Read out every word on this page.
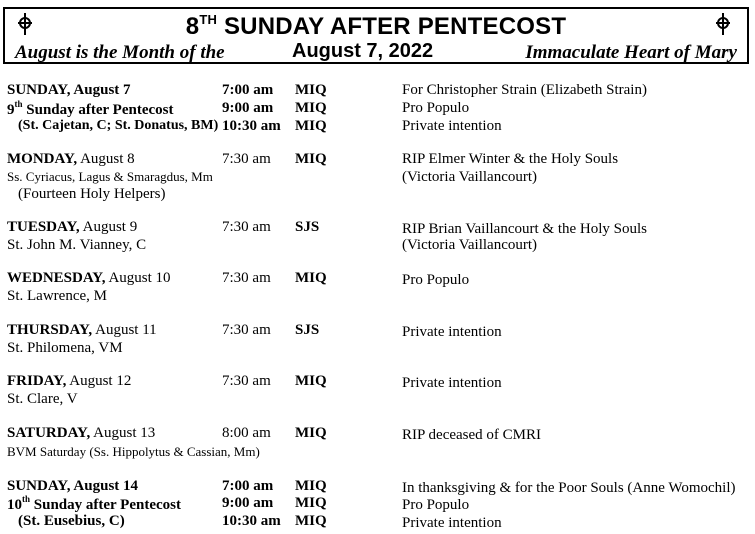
8TH SUNDAY AFTER PENTECOST
August is the Month of the	August 7, 2022	Immaculate Heart of Mary
SUNDAY, August 7	7:00 am MIQ	For Christopher Strain (Elizabeth Strain)
9th Sunday after Pentecost	9:00 am MIQ	Pro Populo
(St. Cajetan, C; St. Donatus, BM) 10:30 am MIQ	Private intention
MONDAY, August 8	7:30 am MIQ	RIP Elmer Winter & the Holy Souls
Ss. Cyriacus, Lagus & Smaragdus, Mm	(Victoria Vaillancourt)
(Fourteen Holy Helpers)
TUESDAY, August 9	7:30 am SJS	RIP Brian Vaillancourt & the Holy Souls
St. John M. Vianney, C	(Victoria Vaillancourt)
WEDNESDAY, August 10	7:30 am MIQ	Pro Populo
St. Lawrence, M
THURSDAY, August 11	7:30 am SJS	Private intention
St. Philomena, VM
FRIDAY, August 12	7:30 am MIQ	Private intention
St. Clare, V
SATURDAY, August 13	8:00 am MIQ	RIP deceased of CMRI
BVM Saturday (Ss. Hippolytus & Cassian, Mm)
SUNDAY, August 14	7:00 am MIQ	In thanksgiving & for the Poor Souls (Anne Womochil)
10th Sunday after Pentecost	9:00 am MIQ	Pro Populo
(St. Eusebius, C)	10:30 am MIQ	Private intention
